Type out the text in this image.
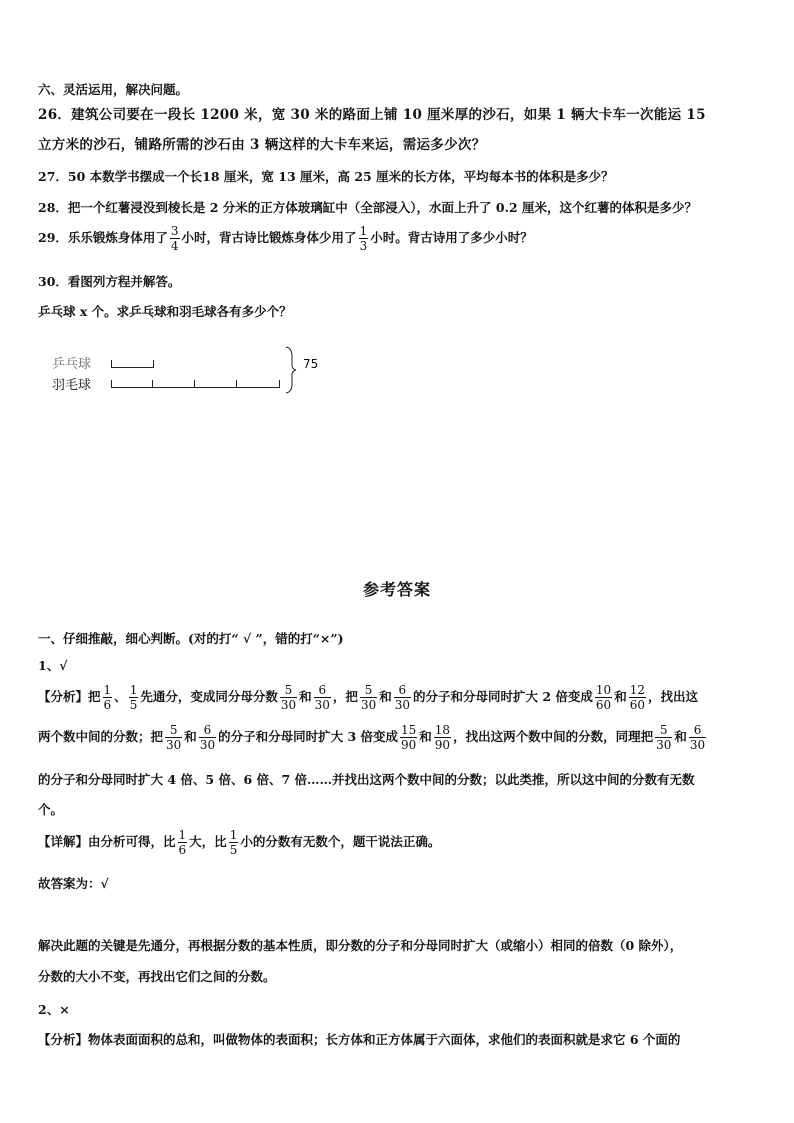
六、灵活运用，解决问题。
26．建筑公司要在一段长 1200 米，宽 30 米的路面上铺 10 厘米厚的沙石，如果 1 辆大卡车一次能运 15
立方米的沙石，铺路所需的沙石由 3 辆这样的大卡车来运，需运多少次？
27．50 本数学书摆成一个长18 厘米，宽 13 厘米，高 25 厘米的长方体，平均每本书的体积是多少？
28．把一个红薯浸没到棱长是 2 分米的正方体玻璃缸中（全部浸入），水面上升了 0.2 厘米，这个红薯的体积是多少？
29．乐乐锻炼身体用了 $\frac{3}{4}$ 小时，背古诗比锻炼身体少用了 $\frac{1}{3}$ 小时。背古诗用了多少小时？
30．看图列方程并解答。
乒乓球 x 个。求乒乓球和羽毛球各有多少个？
乒乓球
羽毛球
75
参考答案
一、仔细推敲，细心判断。(对的打“ √ ”，错的打“×”)
1、√
【分析】把 $\frac{1}{6}$ 、 $\frac{1}{5}$ 先通分，变成同分母分数 $\frac{5}{30}$ 和 $\frac{6}{30}$ ，把 $\frac{5}{30}$ 和 $\frac{6}{30}$ 的分子和分母同时扩大 2 倍变成 $\frac{10}{60}$ 和 $\frac{12}{60}$ ，找出这
两个数中间的分数；把 $\frac{5}{30}$ 和 $\frac{6}{30}$ 的分子和分母同时扩大 3 倍变成 $\frac{15}{90}$ 和 $\frac{18}{90}$ ，找出这两个数中间的分数，同理把 $\frac{5}{30}$ 和 $\frac{6}{30}$
的分子和分母同时扩大 4 倍、5 倍、6 倍、7 倍……并找出这两个数中间的分数；以此类推，所以这中间的分数有无数
个。
【详解】由分析可得，比 $\frac{1}{6}$ 大，比 $\frac{1}{5}$ 小的分数有无数个，题干说法正确。
故答案为：√
解决此题的关键是先通分，再根据分数的基本性质，即分数的分子和分母同时扩大（或缩小）相同的倍数（0 除外），
分数的大小不变，再找出它们之间的分数。
2、×
【分析】物体表面面积的总和，叫做物体的表面积；长方体和正方体属于六面体，求他们的表面积就是求它 6 个面的
